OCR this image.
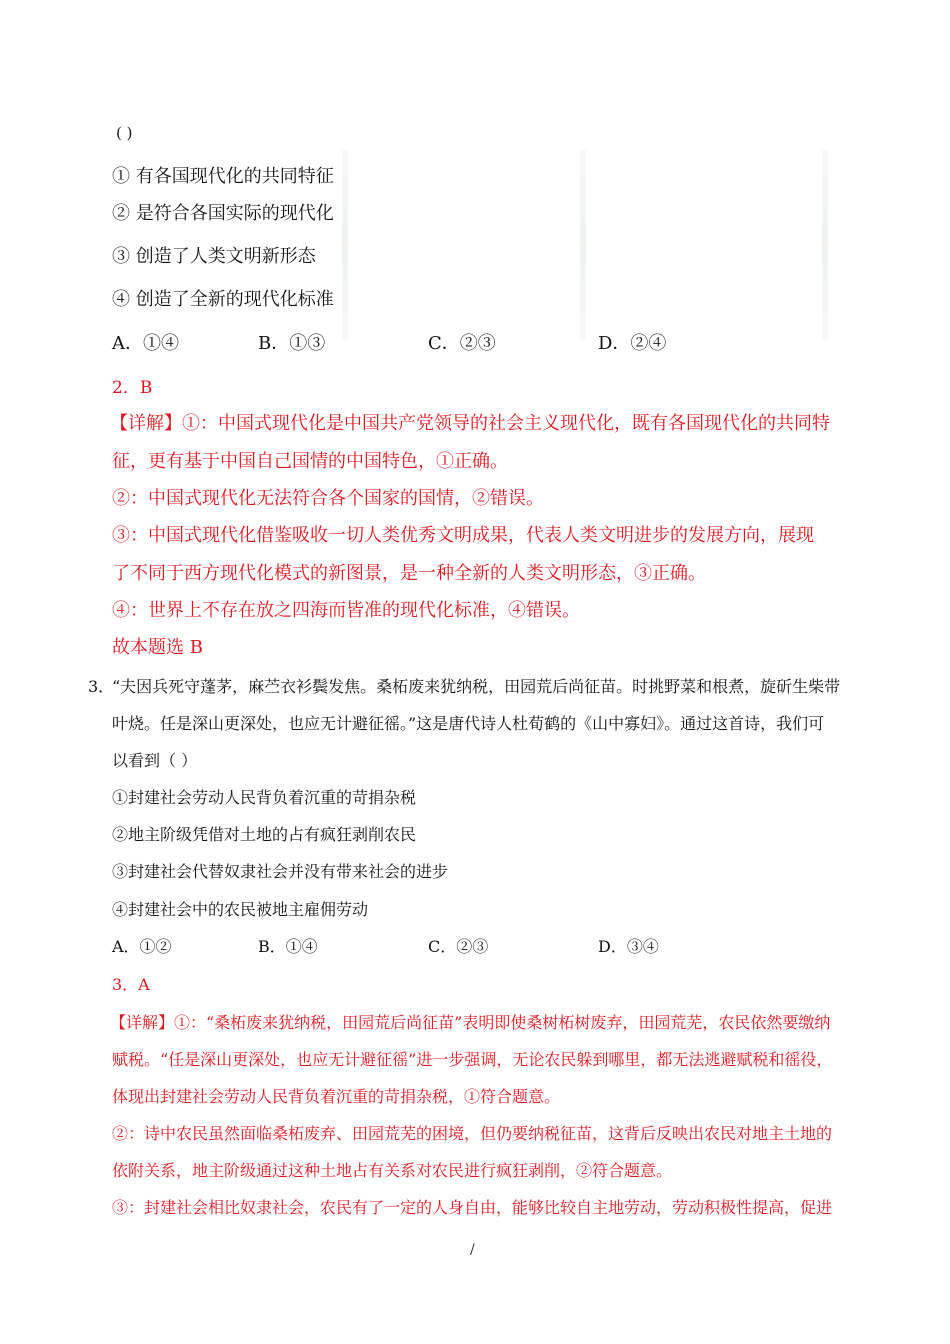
( )
① 有各国现代化的共同特征
② 是符合各国实际的现代化
③ 创造了人类文明新形态
④ 创造了全新的现代化标准
A．①④	B．①③	C．②③	D．②④
2．B
【详解】①：中国式现代化是中国共产党领导的社会主义现代化，既有各国现代化的共同特
征，更有基于中国自己国情的中国特色，①正确。
②：中国式现代化无法符合各个国家的国情，②错误。
③：中国式现代化借鉴吸收一切人类优秀文明成果，代表人类文明进步的发展方向，展现
了不同于西方现代化模式的新图景，是一种全新的人类文明形态，③正确。
④：世界上不存在放之四海而皆准的现代化标准，④错误。
故本题选 B
3．
“夫因兵死守蓬茅，麻苎衣衫鬓发焦。桑柘废来犹纳税，田园荒后尚征苗。时挑野菜和根煮，旋斫生柴带
叶烧。任是深山更深处，也应无计避征徭。”这是唐代诗人杜荀鹤的《山中寡妇》。通过这首诗，我们可
以看到（ ）
①封建社会劳动人民背负着沉重的苛捐杂税
②地主阶级凭借对土地的占有疯狂剥削农民
③封建社会代替奴隶社会并没有带来社会的进步
④封建社会中的农民被地主雇佣劳动
A．①②	B．①④	C．②③	D．③④
3．A
【详解】①：“桑柘废来犹纳税，田园荒后尚征苗”表明即使桑树柘树废弃，田园荒芜，农民依然要缴纳
赋税。“任是深山更深处，也应无计避征徭”进一步强调，无论农民躲到哪里，都无法逃避赋税和徭役，
体现出封建社会劳动人民背负着沉重的苛捐杂税，①符合题意。
②：诗中农民虽然面临桑柘废弃、田园荒芜的困境，但仍要纳税征苗，这背后反映出农民对地主土地的
依附关系，地主阶级通过这种土地占有关系对农民进行疯狂剥削，②符合题意。
③：封建社会相比奴隶社会，农民有了一定的人身自由，能够比较自主地劳动，劳动积极性提高，促进
/
